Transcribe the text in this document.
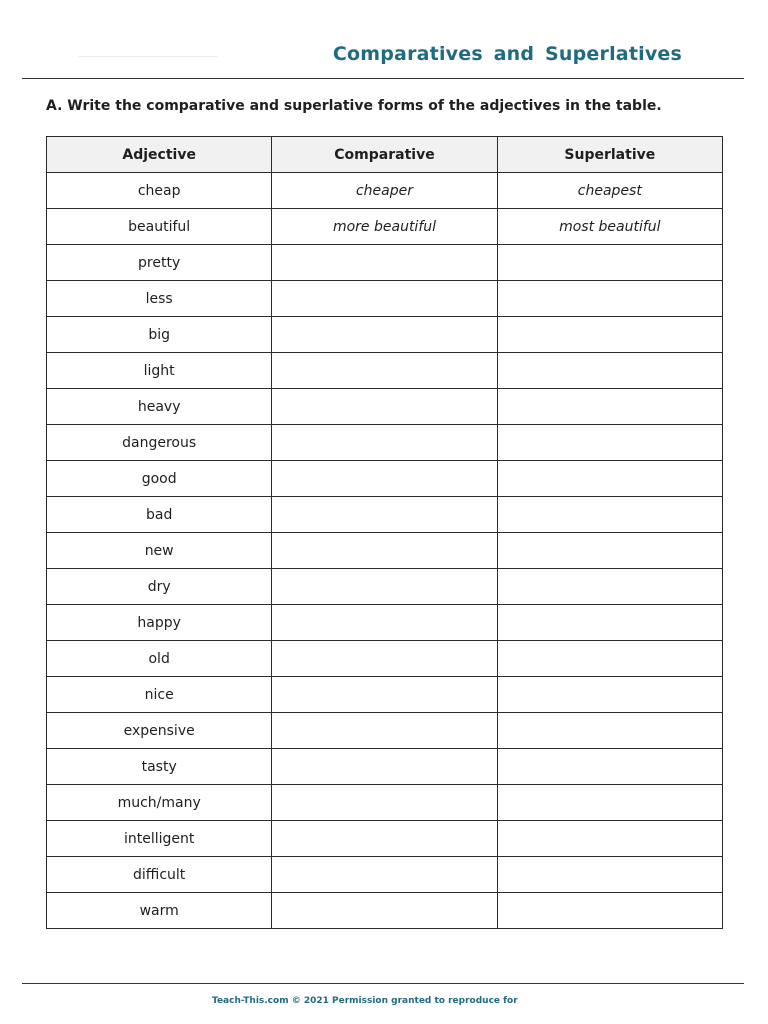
Comparatives and Superlatives
A. Write the comparative and superlative forms of the adjectives in the table.
Adjective	Comparative	Superlative
cheap	cheaper	cheapest
beautiful	more beautiful	most beautiful
pretty		
less		
big		
light		
heavy		
dangerous		
good		
bad		
new		
dry		
happy		
old		
nice		
expensive		
tasty		
much/many		
intelligent		
difficult		
warm		
Teach-This.com © 2021 Permission granted to reproduce for
